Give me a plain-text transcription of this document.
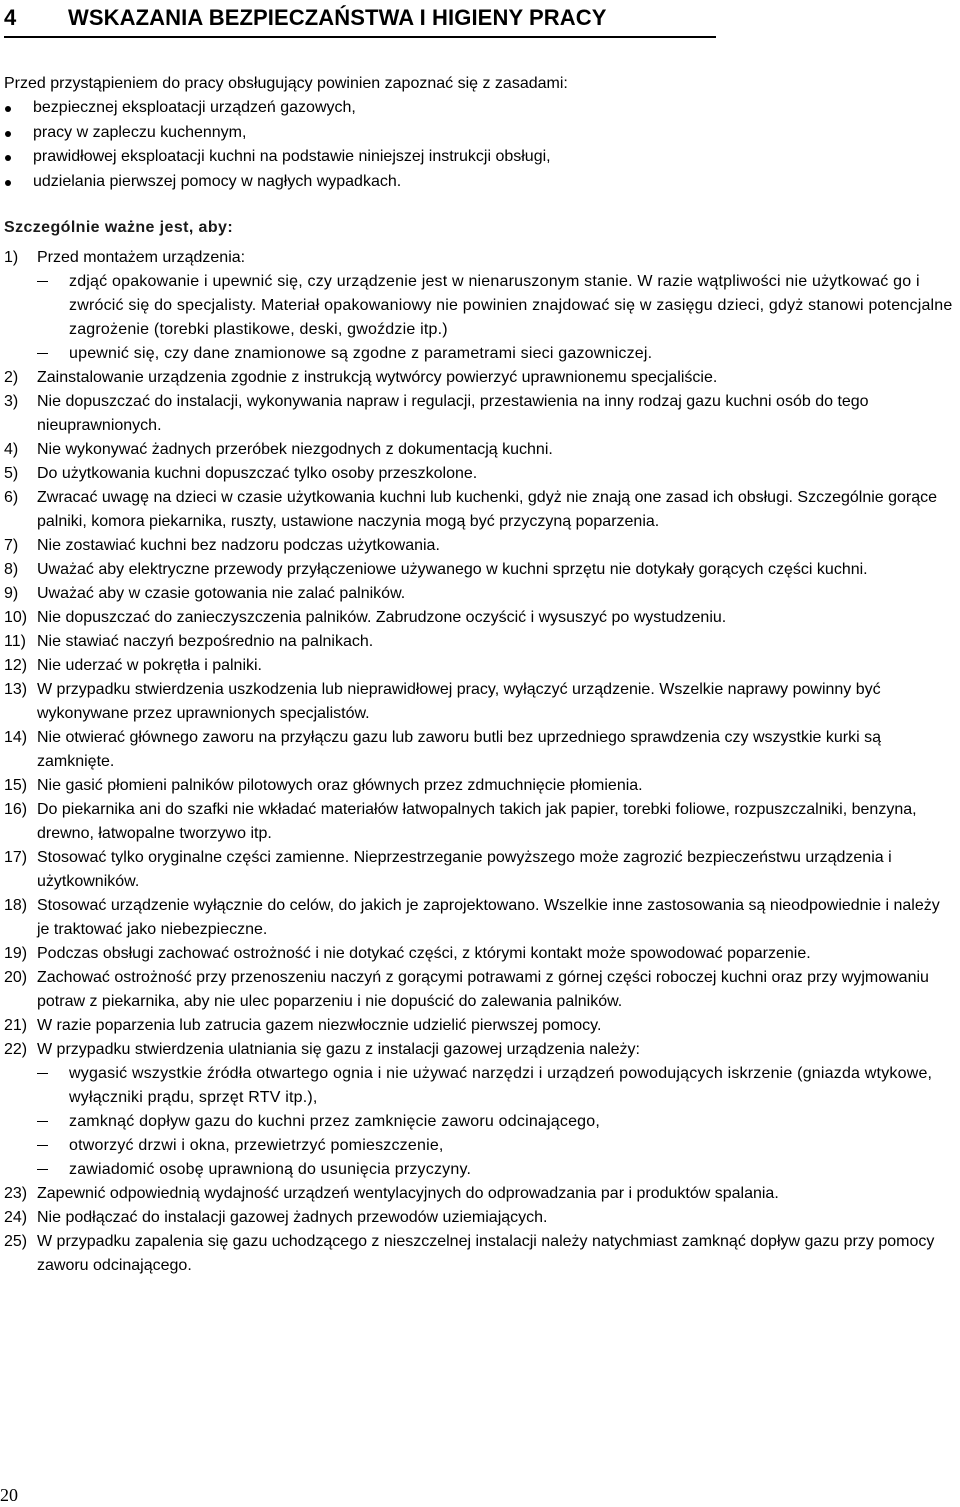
4 WSKAZANIA BEZPIECZAŃSTWA I HIGIENY PRACY
Przed przystąpieniem do pracy obsługujący powinien zapoznać się z zasadami:
bezpiecznej eksploatacji urządzeń gazowych,
pracy w zapleczu kuchennym,
prawidłowej eksploatacji kuchni na podstawie niniejszej instrukcji obsługi,
udzielania pierwszej pomocy w nagłych wypadkach.
Szczególnie ważne jest, aby:
1) Przed montażem urządzenia:
zdjąć opakowanie i upewnić się, czy urządzenie jest w nienaruszonym stanie. W razie wątpliwości nie użytkować go i zwrócić się do specjalisty. Materiał opakowaniowy nie powinien znajdować się w zasięgu dzieci, gdyż stanowi potencjalne zagrożenie (torebki plastikowe, deski, gwoździe itp.)
upewnić się, czy dane znamionowe są zgodne z parametrami sieci gazowniczej.
2) Zainstalowanie urządzenia zgodnie z instrukcją wytwórcy powierzyć uprawnionemu specjaliście.
3) Nie dopuszczać do instalacji, wykonywania napraw i regulacji, przestawienia na inny rodzaj gazu kuchni osób do tego nieuprawnionych.
4) Nie wykonywać żadnych przeróbek niezgodnych z dokumentacją kuchni.
5) Do użytkowania kuchni dopuszczać tylko osoby przeszkolone.
6) Zwracać uwagę na dzieci w czasie użytkowania kuchni lub kuchenki, gdyż nie znają one zasad ich obsługi. Szczególnie gorące palniki, komora piekarnika, ruszty, ustawione naczynia mogą być przyczyną poparzenia.
7) Nie zostawiać kuchni bez nadzoru podczas użytkowania.
8) Uważać aby elektryczne przewody przyłączeniowe używanego w kuchni sprzętu nie dotykały gorących części kuchni.
9) Uważać aby w czasie gotowania nie zalać palników.
10) Nie dopuszczać do zanieczyszczenia palników. Zabrudzone oczyścić i wysuszyć po wystudzeniu.
11) Nie stawiać naczyń bezpośrednio na palnikach.
12) Nie uderzać w pokrętła i palniki.
13) W przypadku stwierdzenia uszkodzenia lub nieprawidłowej pracy, wyłączyć urządzenie. Wszelkie naprawy powinny być wykonywane przez uprawnionych specjalistów.
14) Nie otwierać głównego zaworu na przyłączu gazu lub zaworu butli bez uprzedniego sprawdzenia czy wszystkie kurki są zamknięte.
15) Nie gasić płomieni palników pilotowych oraz głównych przez zdmuchnięcie płomienia.
16) Do piekarnika ani do szafki nie wkładać materiałów łatwopalnych takich jak papier, torebki foliowe, rozpuszczalniki, benzyna, drewno, łatwopalne tworzywo itp.
17) Stosować tylko oryginalne części zamienne. Nieprzestrzeganie powyższego może zagrozić bezpieczeństwu urządzenia i użytkowników.
18) Stosować urządzenie wyłącznie do celów, do jakich je zaprojektowano. Wszelkie inne zastosowania są nieodpowiednie i należy je traktować jako niebezpieczne.
19) Podczas obsługi zachować ostrożność i nie dotykać części, z którymi kontakt może spowodować poparzenie.
20) Zachować ostrożność przy przenoszeniu naczyń z gorącymi potrawami z górnej części roboczej kuchni oraz przy wyjmowaniu potraw z piekarnika, aby nie ulec poparzeniu i nie dopuścić do zalewania palników.
21) W razie poparzenia lub zatrucia gazem niezwłocznie udzielić pierwszej pomocy.
22) W przypadku stwierdzenia ulatniania się gazu z instalacji gazowej urządzenia należy:
wygasić wszystkie źródła otwartego ognia i nie używać narzędzi i urządzeń powodujących iskrzenie (gniazda wtykowe, wyłączniki prądu, sprzęt RTV itp.),
zamknąć dopływ gazu do kuchni przez zamknięcie zaworu odcinającego,
otworzyć drzwi i okna, przewietrzyć pomieszczenie,
zawiadomić osobę uprawnioną do usunięcia przyczyny.
23) Zapewnić odpowiednią wydajność urządzeń wentylacyjnych do odprowadzania par i produktów spalania.
24) Nie podłączać do instalacji gazowej żadnych przewodów uziemiających.
25) W przypadku zapalenia się gazu uchodzącego z nieszczelnej instalacji należy natychmiast zamknąć dopływ gazu przy pomocy zaworu odcinającego.
20
